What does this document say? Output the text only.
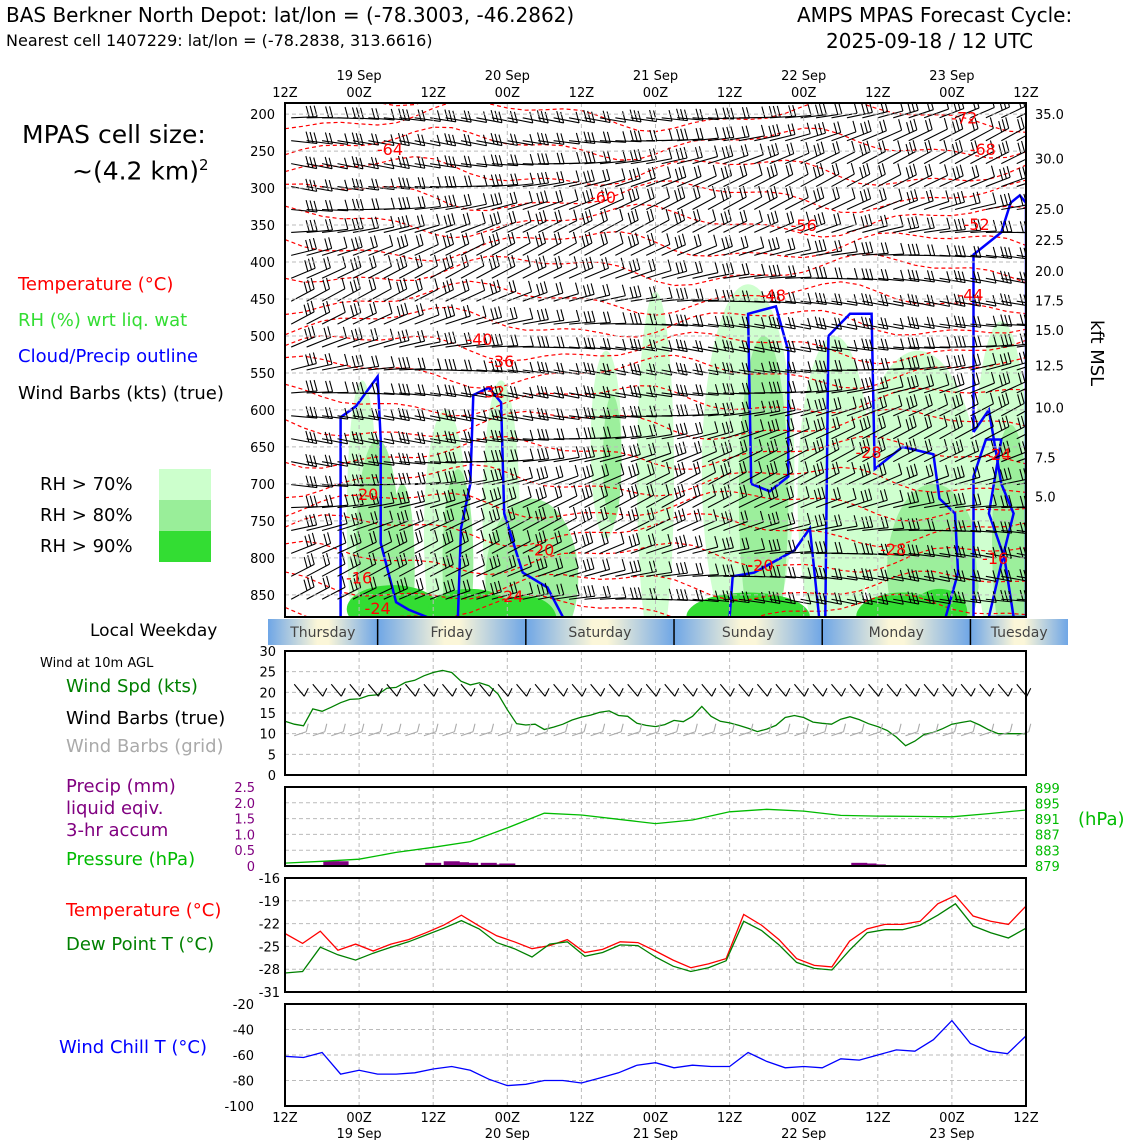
200
250
300
350
400
450
500
550
600
650
700
750
800
850
-64
-60
-56
-72
-68
-52
-48	-44
-40
-36
-32
-28	-24
-20
-20
-20
-28	-16
-16
-24
-24
12Z	00Z	12Z	00Z	12Z	00Z	12Z	00Z	12Z	00Z	12Z
19 Sep	20 Sep	21 Sep	22 Sep	23 Sep
35.0
30.0
25.0
22.5
20.0
17.5
15.0
12.5
10.0
7.5
5.0
Thursday	Friday	Saturday	Sunday	Monday	Tuesday
0
5
10
15
20
25
30
0
0.5
1.0
1.5
2.0
2.5
879
883
887
891
895
899
-31
-28
-25
-22
-19
-16
-100
-80
-60
-40
-20
12Z	00Z	12Z	00Z	12Z	00Z	12Z	00Z	12Z	00Z	12Z
19 Sep	20 Sep	21 Sep	22 Sep	23 Sep
BAS Berkner North Depot: lat/lon = (-78.3003, -46.2862)
Nearest cell 1407229: lat/lon = (-78.2838, 313.6616)
AMPS MPAS Forecast Cycle:
2025-09-18 / 12 UTC
MPAS cell size:
~(4.2 km)$^2$
Temperature (°C)
RH (%) wrt liq. wat
Cloud/Precip outline
Wind Barbs (kts) (true)
RH > 70%
RH > 80%
RH > 90%
kft MSL
Local Weekday
Wind at 10m AGL
Wind Spd (kts)
Wind Barbs (true)
Wind Barbs (grid)
Precip (mm)
liquid eqiv.
3-hr accum
Pressure (hPa)
(hPa)
Temperature (°C)
Dew Point T (°C)
Wind Chill T (°C)
